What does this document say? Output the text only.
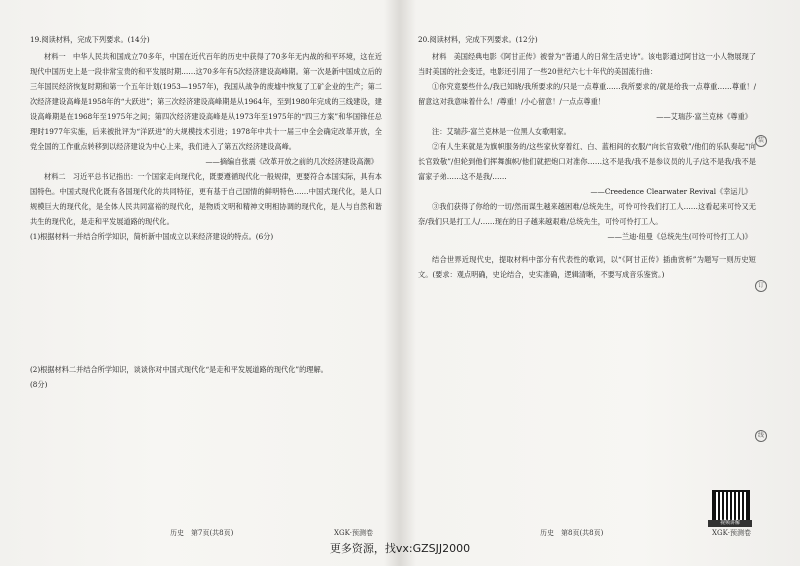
19.阅读材料，完成下列要求。(14分)

材料一　中华人民共和国成立70多年，中国在近代百年的历史中获得了70多年无内战的和平环境，这在近现代中国历史上是一段非常宝贵的和平发展时期……这70多年有5次经济建设高峰期。第一次是新中国成立后的三年国民经济恢复时期和第一个五年计划(1953—1957年)，我国从战争的废墟中恢复了工矿企业的生产；第二次经济建设高峰是1958年的“大跃进”；第三次经济建设高峰期是从1964年，至到1980年完成的三线建设，建设高峰期是在1968年至1975年之间；第四次经济建设高峰是从1973年至1975年的“四三方案”和华国锋任总理时1977年实施，后来被批评为“洋跃进”的大规模技术引进；1978年中共十一届三中全会确定改革开放，全党全国的工作重点转移到以经济建设为中心上来，我们进入了第五次经济建设高峰。

——摘编自张震《改革开放之前的几次经济建设高潮》

材料二　习近平总书记指出：一个国家走向现代化，既要遵循现代化一般规律，更要符合本国实际，具有本国特色。中国式现代化既有各国现代化的共同特征，更有基于自己国情的鲜明特色……中国式现代化，是人口规模巨大的现代化，是全体人民共同富裕的现代化，是物质文明和精神文明相协调的现代化，是人与自然和谐共生的现代化，是走和平发展道路的现代化。

(1)根据材料一并结合所学知识，简析新中国成立以来经济建设的特点。(6分)

(2)根据材料二并结合所学知识，谈谈你对中国式现代化“是走和平发展道路的现代化”的理解。

(8分)

历史　第7页(共8页)	XGK·预测卷

20.阅读材料，完成下列要求。(12分)

材料　美国经典电影《阿甘正传》被誉为“普通人的日常生活史诗”。该电影通过阿甘这一小人物展现了当时美国的社会变迁，电影还引用了一些20世纪六七十年代的美国流行曲：

①你究竟要些什么/我已知晓/我所要求的/只是一点尊重……我所要求的/就是给我一点尊重……尊重！/留意这对我意味着什么！/尊重！/小心留意！/一点点尊重！

——艾瑞莎·富兰克林《尊重》

注：艾瑞莎·富兰克林是一位黑人女歌唱家。

②有人生来就是为旗帜服务的/这些家伙穿着红、白、蓝相间的衣服/“向长官致敬”/他们的乐队奏起“向长官致敬”/但轮到他们挥舞旗帜/他们就把炮口对准你……这不是我/我不是参议员的儿子/这不是我/我不是富家子弟……这不是我/……

——Creedence Clearwater Revival《幸运儿》

③我们获得了你给的一切/然而谋生越来越困难/总统先生，可怜可怜我们打工人……这看起来可怜又无奈/我们只是打工人/……现在的日子越来越艰难/总统先生，可怜可怜打工人。

——兰迪·纽曼《总统先生(可怜可怜打工人)》

结合世界近现代史，提取材料中部分有代表性的歌词，以“《阿甘正传》插曲赏析”为题写一则历史短文。(要求：观点明确，史论结合，史实准确，逻辑清晰，不要写成音乐鉴赏。)

历史　第8页(共8页)	XGK·预测卷
视频讲解
装
订
线
更多资源，找vx:GZSJJ2000
